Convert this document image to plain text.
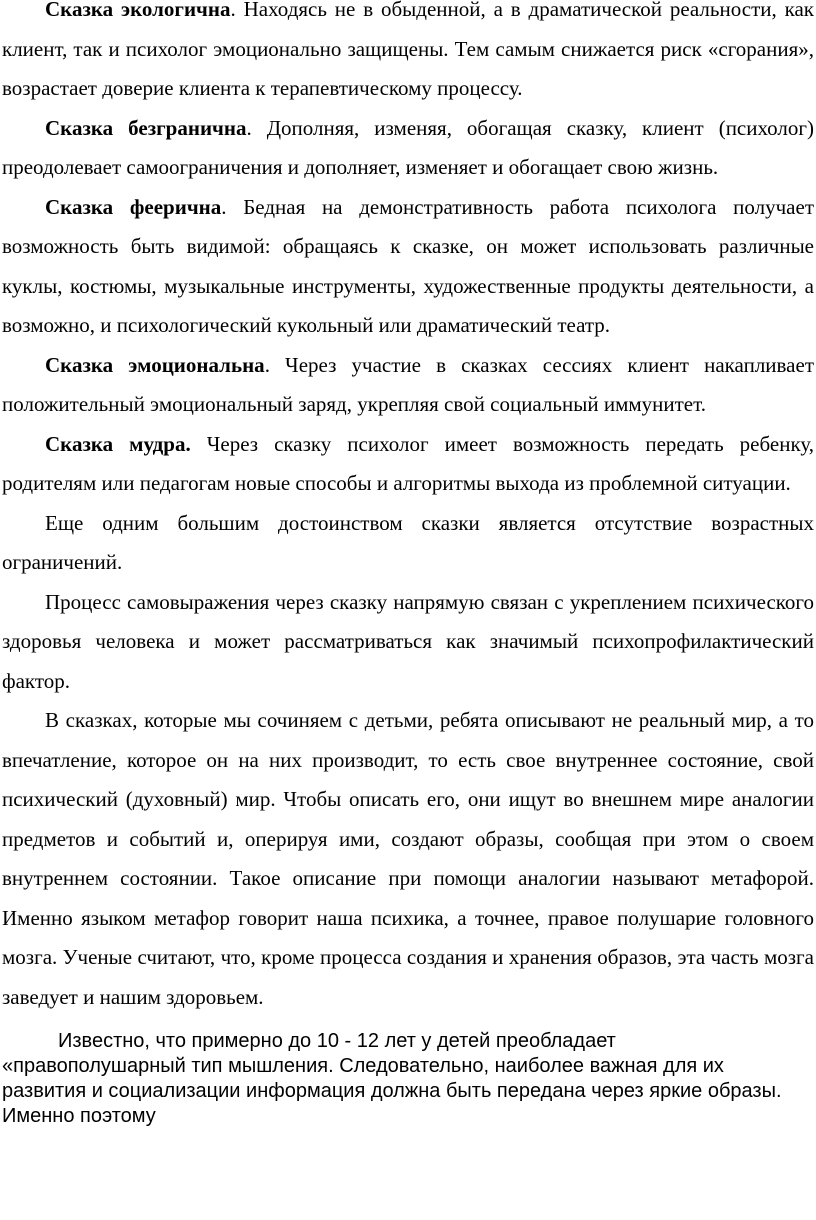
Сказка экологична. Находясь не в обыденной, а в драматической реальности, как клиент, так и психолог эмоционально защищены. Тем самым снижается риск «сгорания», возрастает доверие клиента к терапевтическому процессу.

Сказка безгранична. Дополняя, изменяя, обогащая сказку, клиент (психолог) преодолевает самоограничения и дополняет, изменяет и обогащает свою жизнь.

Сказка феерична. Бедная на демонстративность работа психолога получает возможность быть видимой: обращаясь к сказке, он может использовать различные куклы, костюмы, музыкальные инструменты, художественные продукты деятельности, а возможно, и психологический кукольный или драматический театр.

Сказка эмоциональна. Через участие в сказках сессиях клиент накапливает положительный эмоциональный заряд, укрепляя свой социальный иммунитет.

Сказка мудра. Через сказку психолог имеет возможность передать ребенку, родителям или педагогам новые способы и алгоритмы выхода из проблемной ситуации.

Еще одним большим достоинством сказки является отсутствие возрастных ограничений.

Процесс самовыражения через сказку напрямую связан с укреплением психического здоровья человека и может рассматриваться как значимый психопрофилактический фактор.

В сказках, которые мы сочиняем с детьми, ребята описывают не реальный мир, а то впечатление, которое он на них производит, то есть свое внутреннее состояние, свой психический (духовный) мир. Чтобы описать его, они ищут во внешнем мире аналогии предметов и событий и, оперируя ими, создают образы, сообщая при этом о своем внутреннем состоянии. Такое описание при помощи аналогии называют метафорой. Именно языком метафор говорит наша психика, а точнее, правое полушарие головного мозга. Ученые считают, что, кроме процесса создания и хранения образов, эта часть мозга заведует и нашим здоровьем.

Известно, что примерно до 10 - 12 лет у детей преобладает
«правополушарный тип мышления. Следовательно, наиболее важная для их
развития и социализации информация должна быть передана через яркие образы.
Именно поэтому
